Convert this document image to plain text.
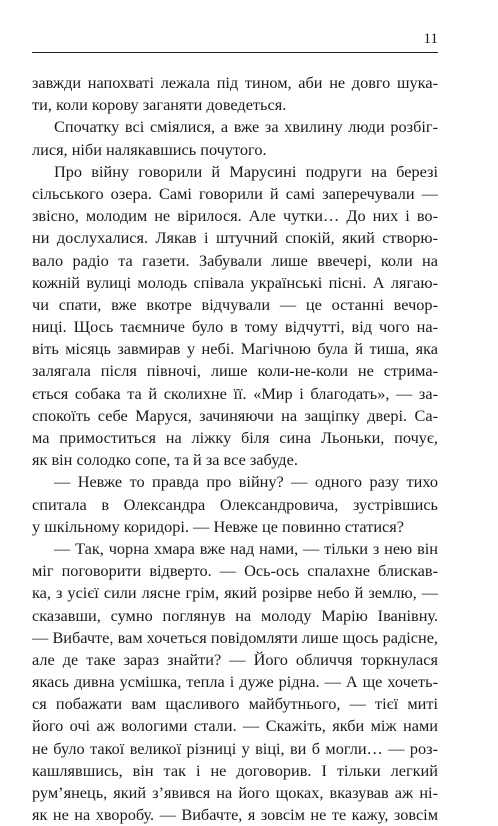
11
завжди напохваті лежала під тином, аби не довго шука-
ти, коли корову заганяти доведеться.
Спочатку всі сміялися, а вже за хвилину люди розбіг-
лися, ніби налякавшись почутого.
Про війну говорили й Марусині подруги на березі
сільського озера. Самі говорили й самі заперечували —
звісно, молодим не вірилося. Але чутки… До них і во-
ни дослухалися. Лякав і штучний спокій, який створю-
вало радіо та газети. Забували лише ввечері, коли на
кожній вулиці молодь співала українські пісні. А лягаю-
чи спати, вже вкотре відчували — це останні вечор-
ниці. Щось таємниче було в тому відчутті, від чого на-
віть місяць завмирав у небі. Магічною була й тиша, яка
залягала після півночі, лише коли-не-коли не стрима-
ється собака та й сколихне її. «Мир і благодать», — за-
спокоїть себе Маруся, зачиняючи на защіпку двері. Са-
ма примоститься на ліжку біля сина Льоньки, почує,
як він солодко сопе, та й за все забуде.
— Невже то правда про війну? — одного разу тихо
спитала в Олександра Олександровича, зустрівшись
у шкільному коридорі. — Невже це повинно статися?
— Так, чорна хмара вже над нами, — тільки з нею він
міг поговорити відверто. — Ось-ось спалахне блискав-
ка, з усієї сили ляснe грім, який розірве небо й землю, —
сказавши, сумно поглянув на молоду Марію Іванівну.
— Вибачте, вам хочеться повідомляти лише щось радісне,
але де таке зараз знайти? — Його обличчя торкнулася
якась дивна усмішка, тепла і дуже рідна. — А ще хочеть-
ся побажати вам щасливого майбутнього, — тієї миті
його очі аж вологими стали. — Скажіть, якби між нами
не було такої великої різниці у віці, ви б могли… — роз-
кашлявшись, він так і не договорив. І тільки легкий
рум’янець, який з’явився на його щоках, вказував аж ні-
як не на хворобу. — Вибачте, я зовсім не те кажу, зовсім
